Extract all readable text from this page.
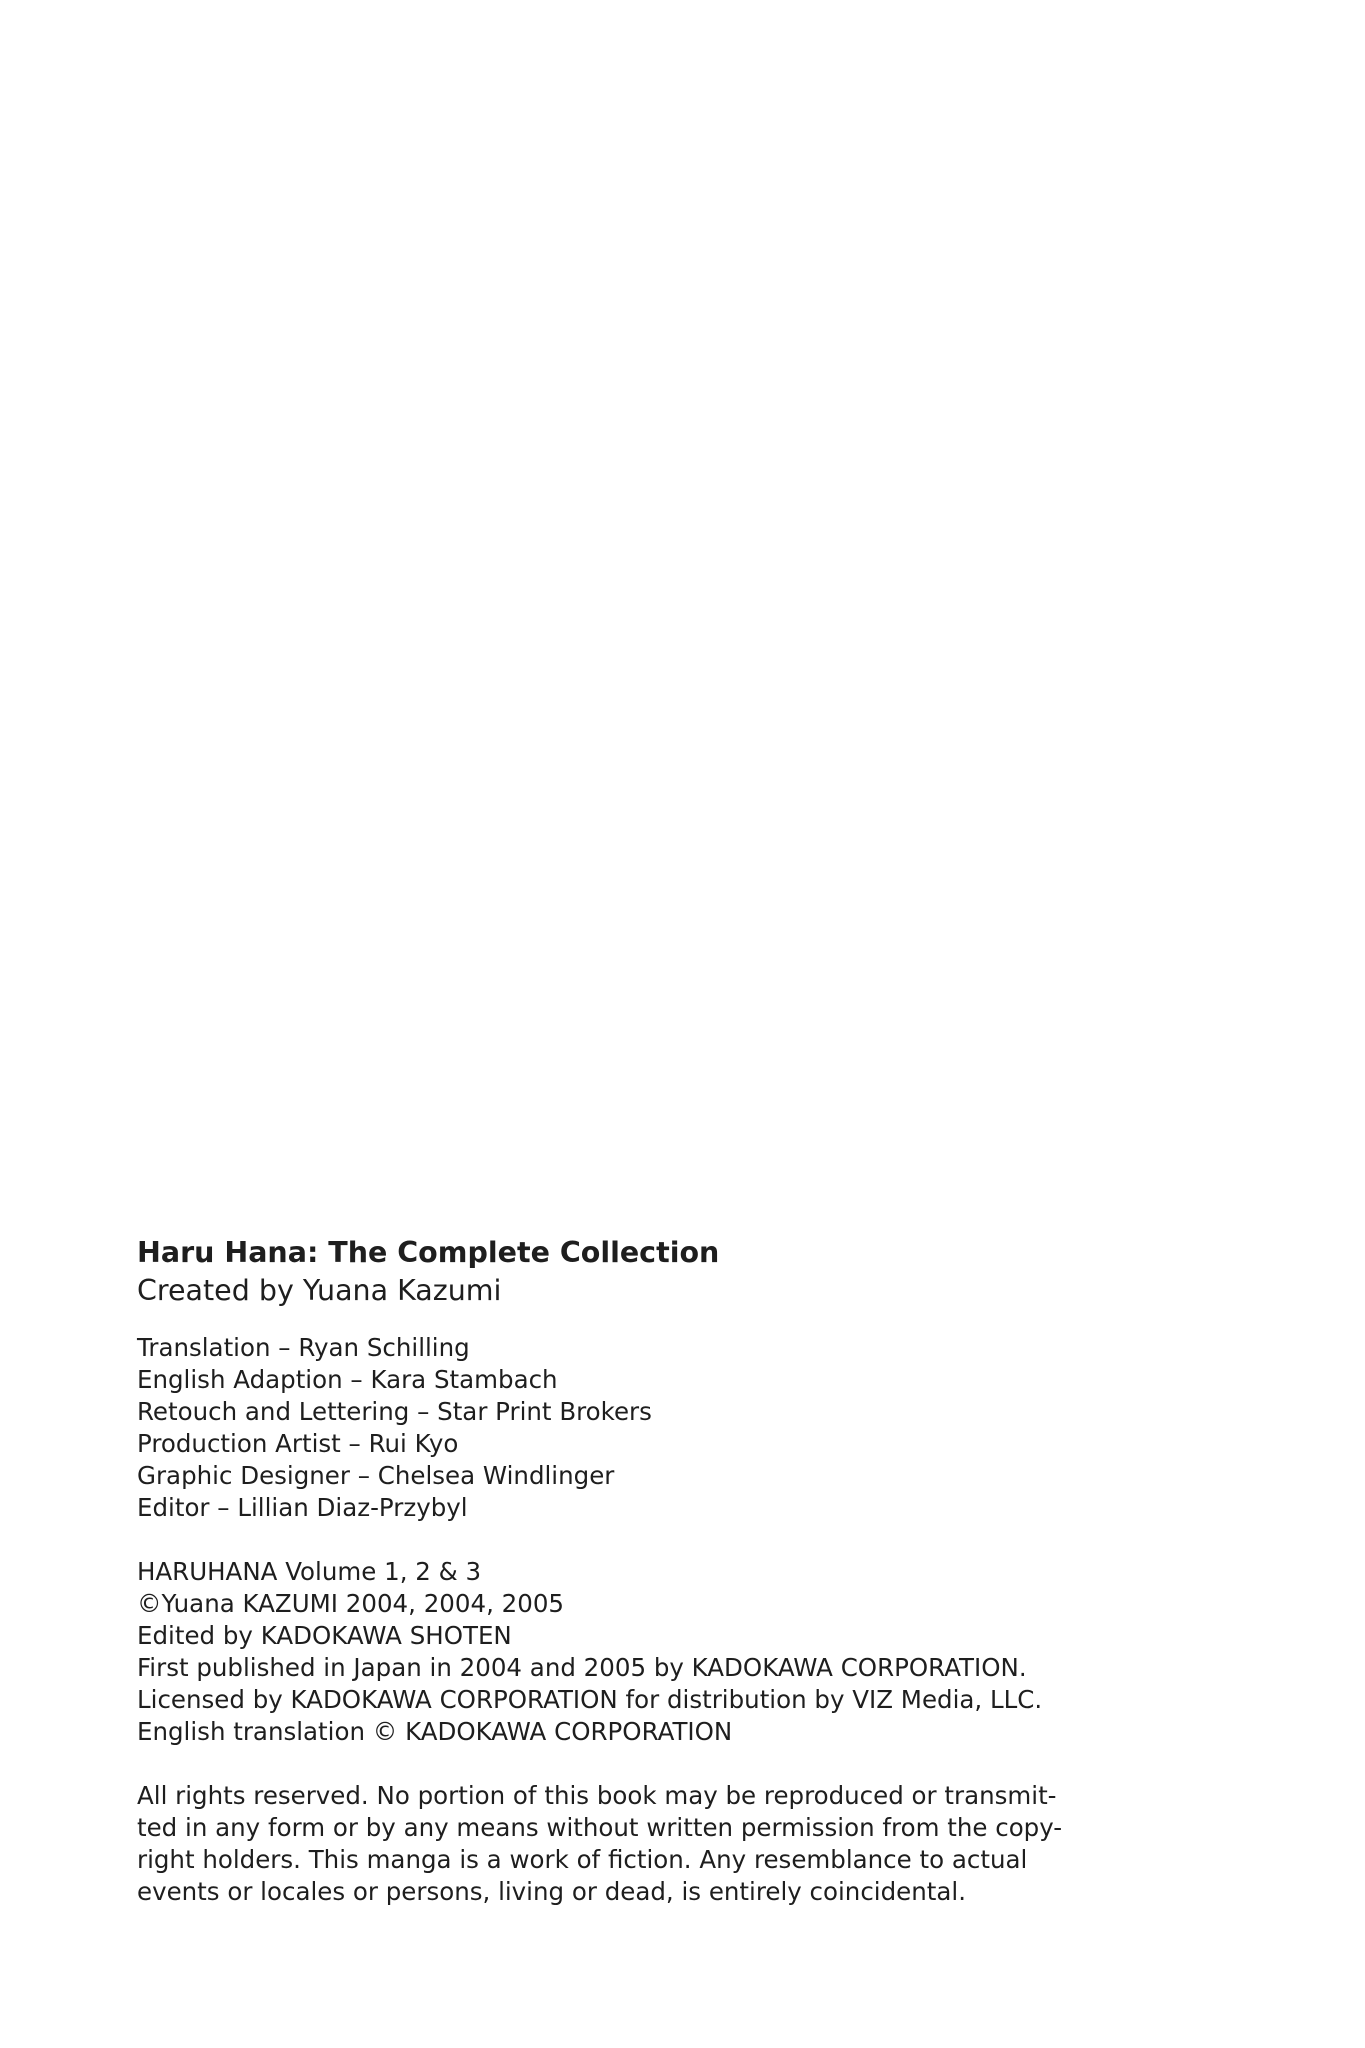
Haru Hana: The Complete Collection

Created by Yuana Kazumi

Translation – Ryan Schilling

English Adaption – Kara Stambach

Retouch and Lettering – Star Print Brokers

Production Artist – Rui Kyo

Graphic Designer – Chelsea Windlinger

Editor – Lillian Diaz-Przybyl

HARUHANA Volume 1, 2 & 3

©Yuana KAZUMI 2004, 2004, 2005

Edited by KADOKAWA SHOTEN

First published in Japan in 2004 and 2005 by KADOKAWA CORPORATION.

Licensed by KADOKAWA CORPORATION for distribution by VIZ Media, LLC.

English translation © KADOKAWA CORPORATION

All rights reserved. No portion of this book may be reproduced or transmit-

ted in any form or by any means without written permission from the copy-

right holders. This manga is a work of fiction. Any resemblance to actual

events or locales or persons, living or dead, is entirely coincidental.
